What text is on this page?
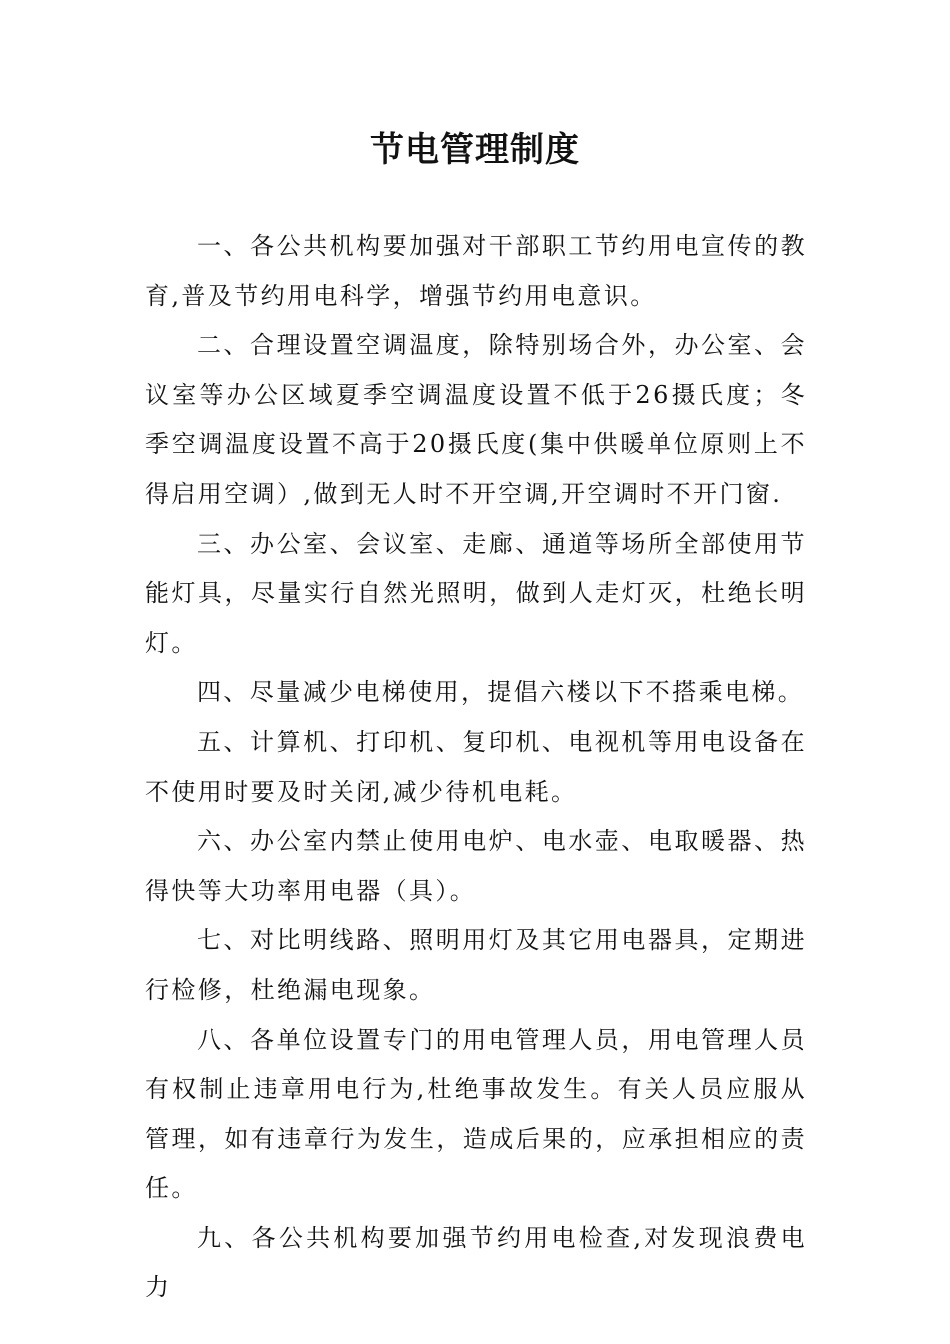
节电管理制度

一、各公共机构要加强对干部职工节约用电宣传的教育,普及节约用电科学，增强节约用电意识。

二、合理设置空调温度，除特别场合外，办公室、会议室等办公区域夏季空调温度设置不低于26摄氏度；冬季空调温度设置不高于20摄氏度(集中供暖单位原则上不得启用空调）,做到无人时不开空调,开空调时不开门窗.

三、办公室、会议室、走廊、通道等场所全部使用节能灯具，尽量实行自然光照明，做到人走灯灭，杜绝长明灯。

四、尽量减少电梯使用，提倡六楼以下不搭乘电梯。

五、计算机、打印机、复印机、电视机等用电设备在不使用时要及时关闭,减少待机电耗。

六、办公室内禁止使用电炉、电水壶、电取暖器、热得快等大功率用电器（具）。

七、对比明线路、照明用灯及其它用电器具，定期进行检修，杜绝漏电现象。

八、各单位设置专门的用电管理人员，用电管理人员有权制止违章用电行为,杜绝事故发生。有关人员应服从管理，如有违章行为发生，造成后果的，应承担相应的责任。

九、各公共机构要加强节约用电检查,对发现浪费电力
